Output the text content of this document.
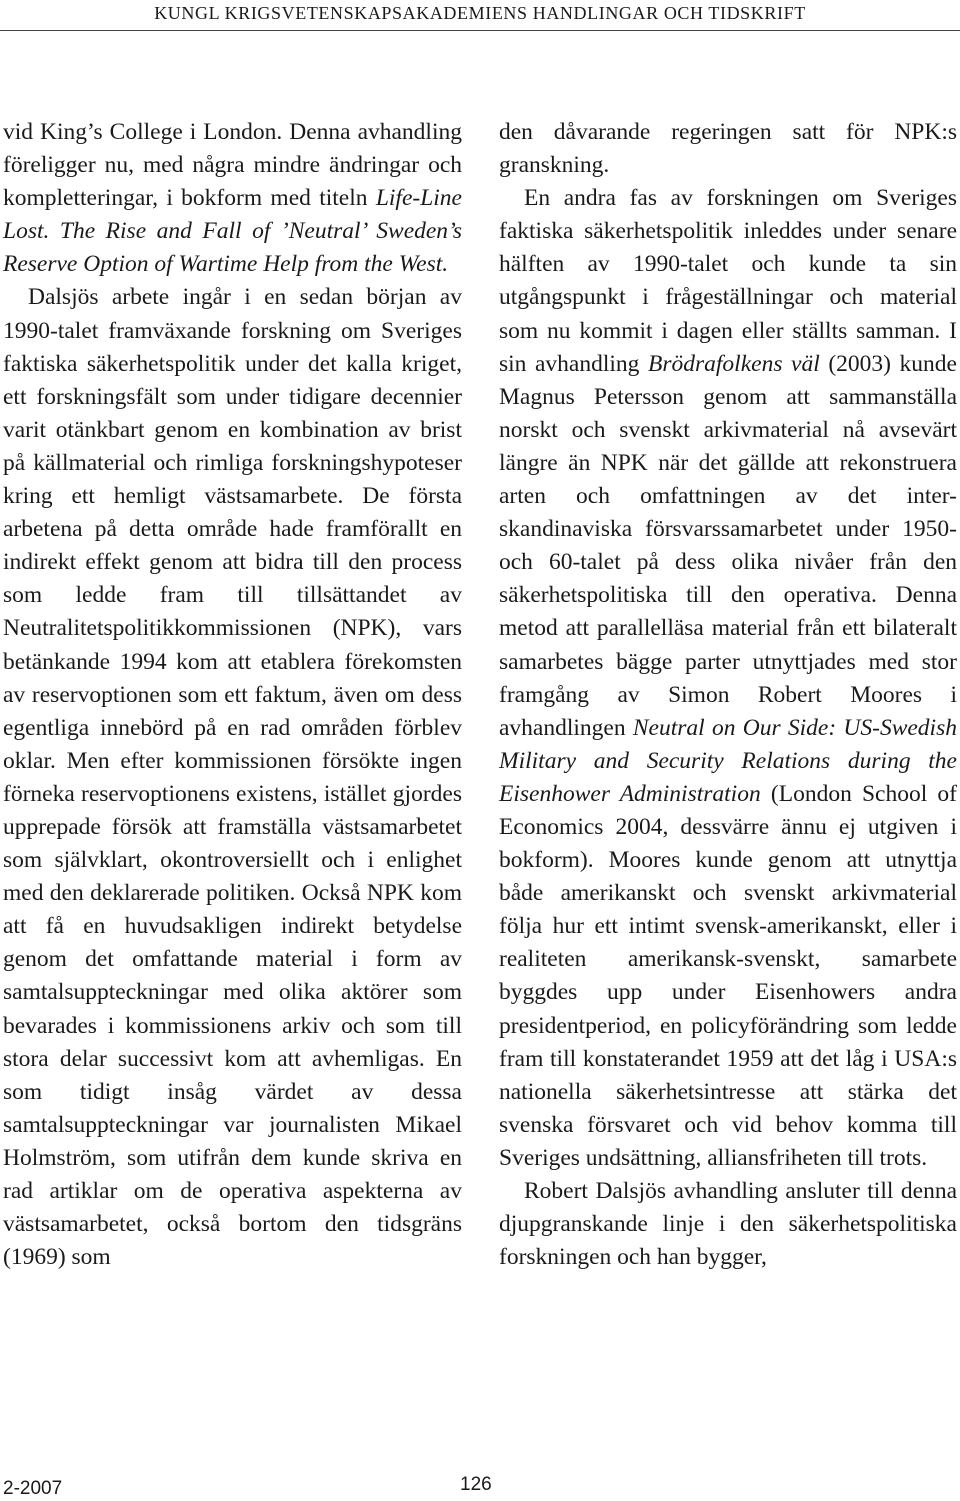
KUNGL KRIGSVETENSKAPSAKADEMIENS HANDLINGAR OCH TIDSKRIFT

vid King’s College i London. Denna avhandling föreligger nu, med några mindre ändringar och kompletteringar, i bokform med titeln Life-Line Lost. The Rise and Fall of ’Neutral’ Sweden’s Reserve Option of Wartime Help from the West.

Dalsjös arbete ingår i en sedan början av 1990-talet framväxande forskning om Sveriges faktiska säkerhetspolitik under det kalla kriget, ett forskningsfält som under tidigare decennier varit otänkbart genom en kombination av brist på källmaterial och rimliga forskningshypoteser kring ett hemligt västsamarbete. De första arbetena på detta område hade framförallt en indirekt effekt genom att bidra till den process som ledde fram till tillsättandet av Neutralitetspolitikkommissionen (NPK), vars betänkande 1994 kom att etablera förekomsten av reservoptionen som ett faktum, även om dess egentliga innebörd på en rad områden förblev oklar. Men efter kommissionen försökte ingen förneka reservoptionens existens, istället gjordes upprepade försök att framställa västsamarbetet som självklart, okontroversiellt och i enlighet med den deklarerade politiken. Också NPK kom att få en huvudsakligen indirekt betydelse genom det omfattande material i form av samtalsuppteckningar med olika aktörer som bevarades i kommissionens arkiv och som till stora delar successivt kom att avhemligas. En som tidigt insåg värdet av dessa samtalsuppteckningar var journalisten Mikael Holmström, som utifrån dem kunde skriva en rad artiklar om de operativa aspekterna av västsamarbetet, också bortom den tidsgräns (1969) som

den dåvarande regeringen satt för NPK:s granskning.

En andra fas av forskningen om Sveriges faktiska säkerhetspolitik inleddes under senare hälften av 1990-talet och kunde ta sin utgångspunkt i frågeställningar och material som nu kommit i dagen eller ställts samman. I sin avhandling Brödrafolkens väl (2003) kunde Magnus Petersson genom att sammanställa norskt och svenskt arkivmaterial nå avsevärt längre än NPK när det gällde att rekonstruera arten och omfattningen av det inter-skandinaviska försvarssamarbetet under 1950- och 60-talet på dess olika nivåer från den säkerhetspolitiska till den operativa. Denna metod att parallelläsa material från ett bilateralt samarbetes bägge parter utnyttjades med stor framgång av Simon Robert Moores i avhandlingen Neutral on Our Side: US-Swedish Military and Security Relations during the Eisenhower Administration (London School of Economics 2004, dessvärre ännu ej utgiven i bokform). Moores kunde genom att utnyttja både amerikanskt och svenskt arkivmaterial följa hur ett intimt svensk-amerikanskt, eller i realiteten amerikansk-svenskt, samarbete byggdes upp under Eisenhowers andra presidentperiod, en policyförändring som ledde fram till konstaterandet 1959 att det låg i USA:s nationella säkerhetsintresse att stärka det svenska försvaret och vid behov komma till Sveriges undsättning, alliansfriheten till trots.

Robert Dalsjös avhandling ansluter till denna djupgranskande linje i den säkerhetspolitiska forskningen och han bygger,

2-2007	126
